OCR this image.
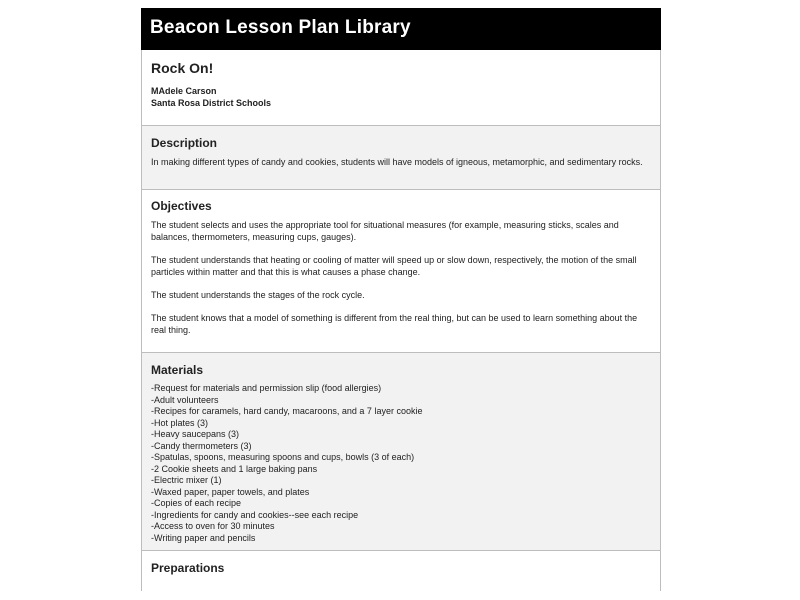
Beacon Lesson Plan Library
Rock On!
MAdele Carson
Santa Rosa District Schools
Description
In making different types of candy and cookies, students will have models of igneous, metamorphic, and sedimentary rocks.
Objectives
The student selects and uses the appropriate tool for situational measures (for example, measuring sticks, scales and balances, thermometers, measuring cups, gauges).
The student understands that heating or cooling of matter will speed up or slow down, respectively, the motion of the small particles within matter and that this is what causes a phase change.
The student understands the stages of the rock cycle.
The student knows that a model of something is different from the real thing, but can be used to learn something about the real thing.
Materials
-Request for materials and permission slip (food allergies)
-Adult volunteers
-Recipes for caramels, hard candy, macaroons, and a 7 layer cookie
-Hot plates (3)
-Heavy saucepans (3)
-Candy thermometers (3)
-Spatulas, spoons, measuring spoons and cups, bowls (3 of each)
-2 Cookie sheets and 1 large baking pans
-Electric mixer (1)
-Waxed paper, paper towels, and plates
-Copies of each recipe
-Ingredients for candy and cookies--see each recipe
-Access to oven for 30 minutes
-Writing paper and pencils
Preparations
